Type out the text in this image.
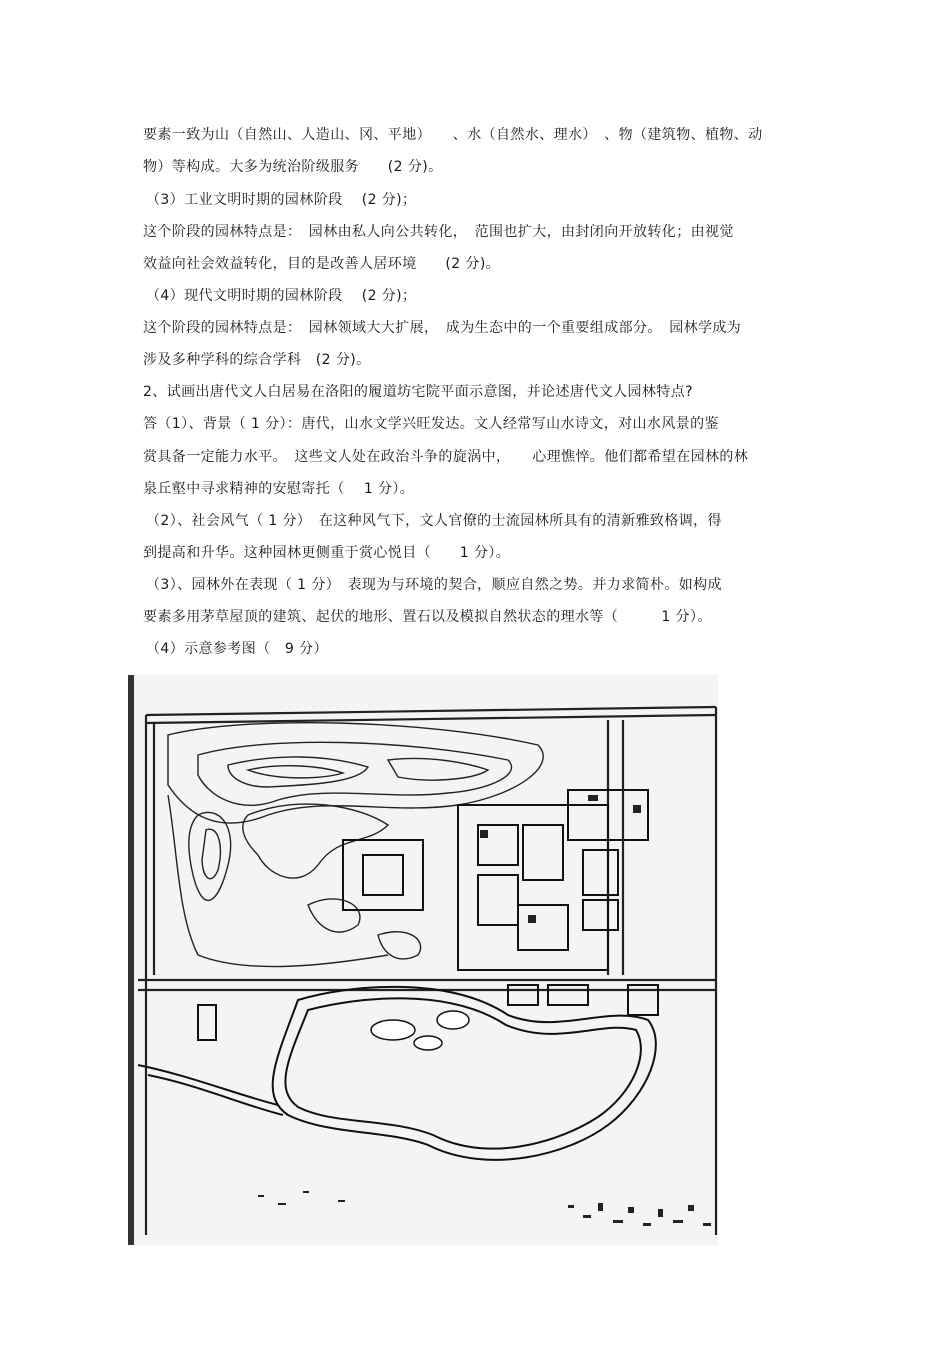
要素一致为山（自然山、人造山、冈、平地）　　、水（自然水、理水）　、物（建筑物、植物、动
物）等构成。大多为统治阶级服务　　(2 分)。
（3）工业文明时期的园林阶段　 (2 分)；
这个阶段的园林特点是：　园林由私人向公共转化，　范围也扩大，由封闭向开放转化；由视觉
效益向社会效益转化，目的是改善人居环境　　(2 分)。
（4）现代文明时期的园林阶段　 (2 分)；
这个阶段的园林特点是：　园林领域大大扩展，　成为生态中的一个重要组成部分。　园林学成为
涉及多种学科的综合学科　(2 分)。
2、试画出唐代文人白居易在洛阳的履道坊宅院平面示意图，并论述唐代文人园林特点?
答（1）、背景（ 1 分）：唐代，山水文学兴旺发达。文人经常写山水诗文，对山水风景的鉴
赏具备一定能力水平。　这些文人处在政治斗争的旋涡中，　　心理憔悴。他们都希望在园林的林
泉丘壑中寻求精神的安慰寄托（　 1 分）。
（2）、社会风气（ 1 分）　在这种风气下，文人官僚的士流园林所具有的清新雅致格调，得
到提高和升华。这种园林更侧重于赏心悦目（　　1 分）。
（3）、园林外在表现（ 1 分）　表现为与环境的契合，顺应自然之势。并力求简朴。如构成
要素多用茅草屋顶的建筑、起伏的地形、置石以及模拟自然状态的理水等（　　　1 分）。
（4）示意参考图（　9 分）
